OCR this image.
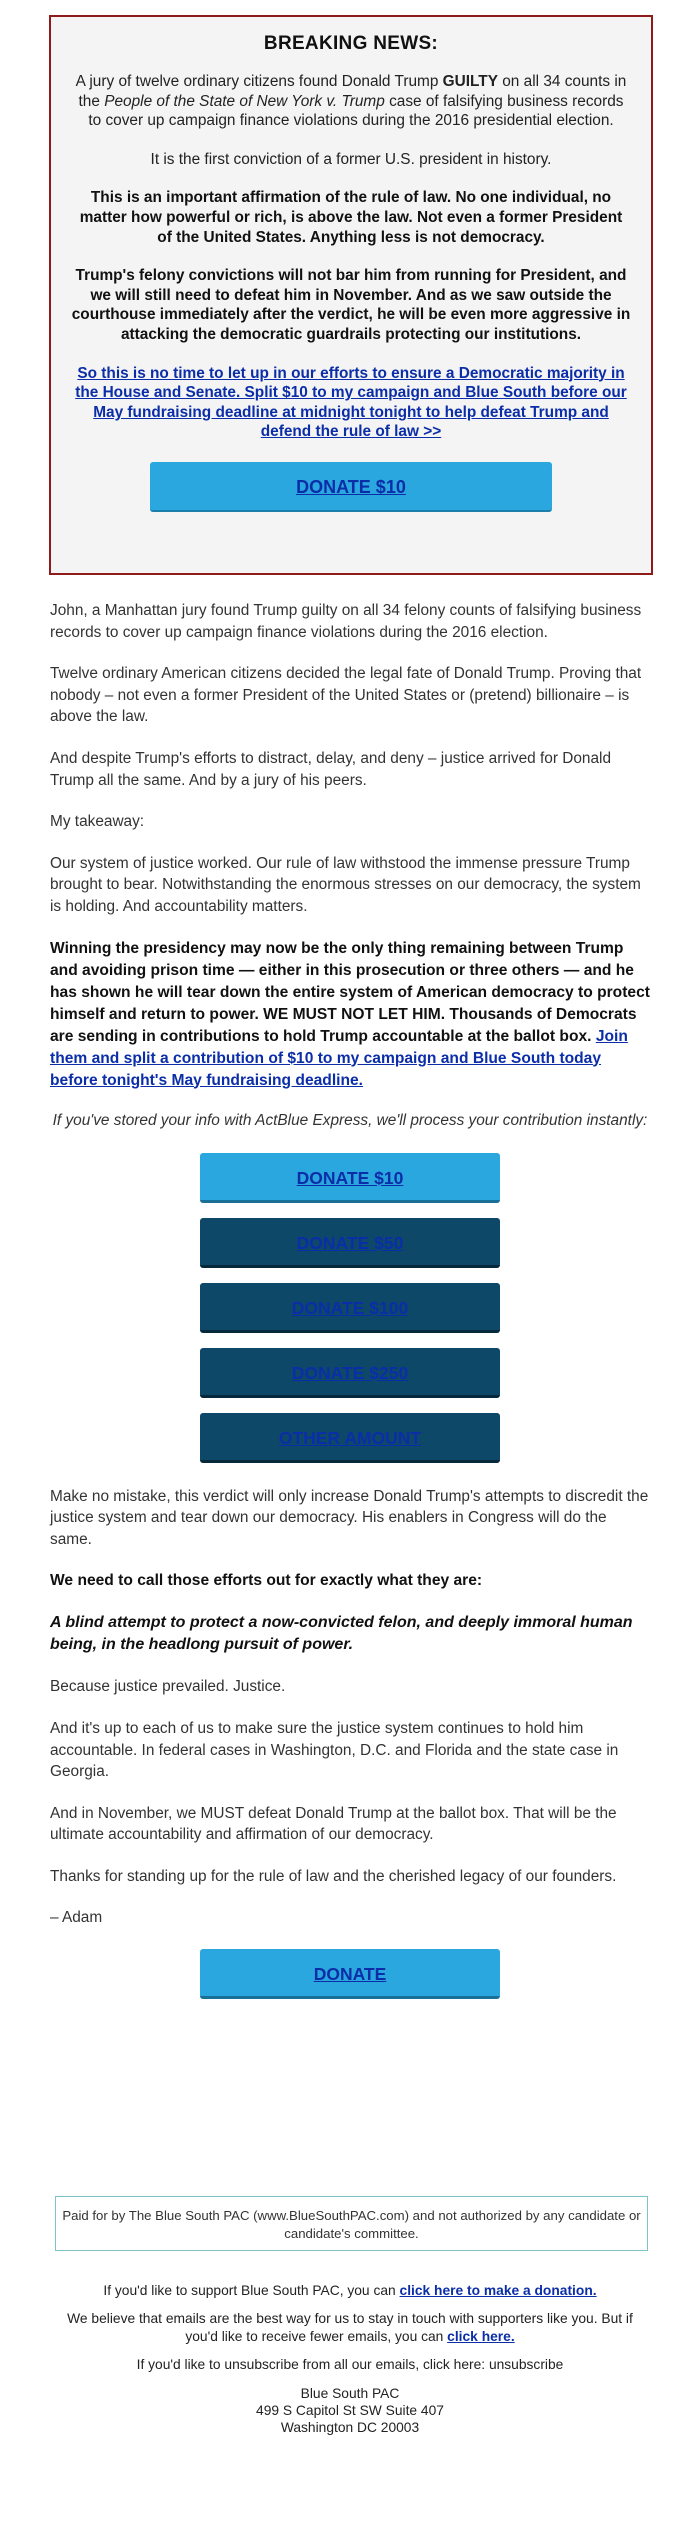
BREAKING NEWS:

A jury of twelve ordinary citizens found Donald Trump GUILTY on all 34 counts in the People of the State of New York v. Trump case of falsifying business records to cover up campaign finance violations during the 2016 presidential election.

It is the first conviction of a former U.S. president in history.

This is an important affirmation of the rule of law. No one individual, no matter how powerful or rich, is above the law. Not even a former President of the United States. Anything less is not democracy.

Trump's felony convictions will not bar him from running for President, and we will still need to defeat him in November. And as we saw outside the courthouse immediately after the verdict, he will be even more aggressive in attacking the democratic guardrails protecting our institutions.

So this is no time to let up in our efforts to ensure a Democratic majority in the House and Senate. Split $10 to my campaign and Blue South before our May fundraising deadline at midnight tonight to help defeat Trump and defend the rule of law >>

DONATE $10

John, a Manhattan jury found Trump guilty on all 34 felony counts of falsifying business records to cover up campaign finance violations during the 2016 election.

Twelve ordinary American citizens decided the legal fate of Donald Trump. Proving that nobody – not even a former President of the United States or (pretend) billionaire – is above the law.

And despite Trump's efforts to distract, delay, and deny – justice arrived for Donald Trump all the same. And by a jury of his peers.

My takeaway:

Our system of justice worked. Our rule of law withstood the immense pressure Trump brought to bear. Notwithstanding the enormous stresses on our democracy, the system is holding. And accountability matters.

Winning the presidency may now be the only thing remaining between Trump and avoiding prison time — either in this prosecution or three others — and he has shown he will tear down the entire system of American democracy to protect himself and return to power. WE MUST NOT LET HIM. Thousands of Democrats are sending in contributions to hold Trump accountable at the ballot box. Join them and split a contribution of $10 to my campaign and Blue South today before tonight's May fundraising deadline.

If you've stored your info with ActBlue Express, we'll process your contribution instantly:

DONATE $10
DONATE $50
DONATE $100
DONATE $250
OTHER AMOUNT

Make no mistake, this verdict will only increase Donald Trump's attempts to discredit the justice system and tear down our democracy. His enablers in Congress will do the same.

We need to call those efforts out for exactly what they are:

A blind attempt to protect a now-convicted felon, and deeply immoral human being, in the headlong pursuit of power.

Because justice prevailed. Justice.

And it's up to each of us to make sure the justice system continues to hold him accountable. In federal cases in Washington, D.C. and Florida and the state case in Georgia.

And in November, we MUST defeat Donald Trump at the ballot box. That will be the ultimate accountability and affirmation of our democracy.

Thanks for standing up for the rule of law and the cherished legacy of our founders.

– Adam

DONATE
Paid for by The Blue South PAC (www.BlueSouthPAC.com) and not authorized by any candidate or candidate's committee.

If you'd like to support Blue South PAC, you can click here to make a donation.

We believe that emails are the best way for us to stay in touch with supporters like you. But if you'd like to receive fewer emails, you can click here.

If you'd like to unsubscribe from all our emails, click here: unsubscribe

Blue South PAC
499 S Capitol St SW Suite 407
Washington DC 20003
